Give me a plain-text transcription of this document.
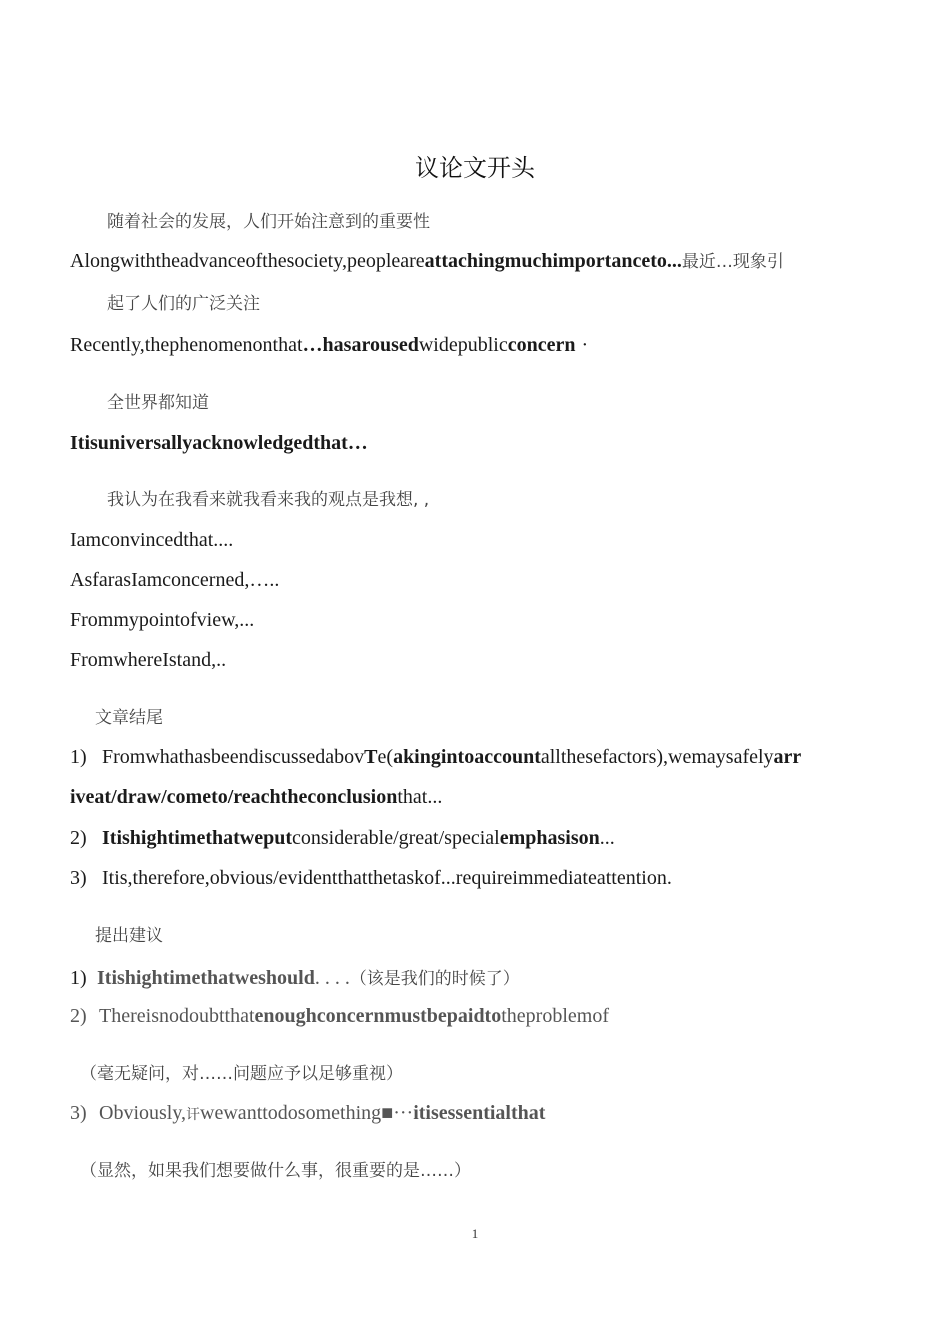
议论文开头
随着社会的发展，人们开始注意到的重要性
Alongwiththeadvanceofthesociety,peopleareattachingmuchimportanceto...最近…现象引
起了人们的广泛关注
Recently,thephenomenonthat…hasarousedwidepublicconcern ·
全世界都知道
Itisuniversallyacknowledgedthat…
我认为在我看来就我看来我的观点是我想, ,
Iamconvincedthat....
AsfarasIamconcerned,…..
Frommypointofview,...
FromwhereIstand,..
文章结尾
1) FromwhathasbeendiscussedabovTe(akingintoaccountallthesefactors),wemaysafelyarr
iveat/draw/cometo/reachtheconclusionthat...
2) Itishightimethatweputconsiderable/great/specialemphasison...
3) Itis,therefore,obvious/evidentthatthetaskof...requireimmediateattention.
提出建议
1) Itishightimethatweshould. . . .（该是我们的时候了）
2) Thereisnodoubtthatenoughconcernmustbepaidtotheproblemof
（毫无疑问，对……问题应予以足够重视）
3) Obviously,讦wewanttodosomething■···itisessentialthat
（显然，如果我们想要做什么事，很重要的是……）
1
